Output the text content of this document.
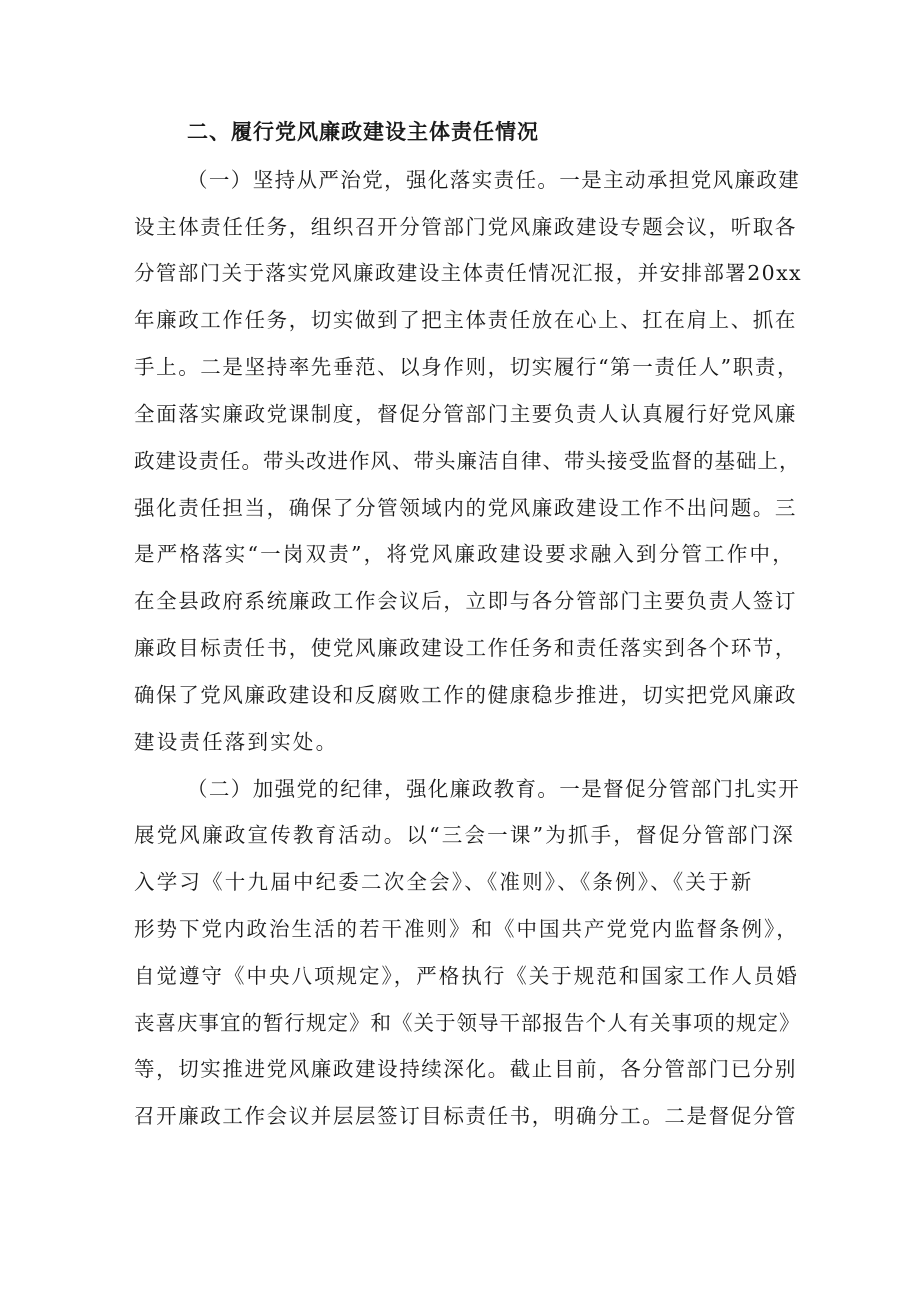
二、履行党风廉政建设主体责任情况
（一）坚持从严治党，强化落实责任。一是主动承担党风廉政建
设主体责任任务，组织召开分管部门党风廉政建设专题会议，听取各
分管部门关于落实党风廉政建设主体责任情况汇报，并安排部署20xx
年廉政工作任务，切实做到了把主体责任放在心上、扛在肩上、抓在
手上。二是坚持率先垂范、以身作则，切实履行“第一责任人”职责，
全面落实廉政党课制度，督促分管部门主要负责人认真履行好党风廉
政建设责任。带头改进作风、带头廉洁自律、带头接受监督的基础上，
强化责任担当，确保了分管领域内的党风廉政建设工作不出问题。三
是严格落实“一岗双责”，将党风廉政建设要求融入到分管工作中，
在全县政府系统廉政工作会议后，立即与各分管部门主要负责人签订
廉政目标责任书，使党风廉政建设工作任务和责任落实到各个环节，
确保了党风廉政建设和反腐败工作的健康稳步推进，切实把党风廉政
建设责任落到实处。
（二）加强党的纪律，强化廉政教育。一是督促分管部门扎实开
展党风廉政宣传教育活动。以“三会一课”为抓手，督促分管部门深
入学习《十九届中纪委二次全会》、《准则》、《条例》、《关于新
形势下党内政治生活的若干准则》和《中国共产党党内监督条例》，
自觉遵守《中央八项规定》，严格执行《关于规范和国家工作人员婚
丧喜庆事宜的暂行规定》和《关于领导干部报告个人有关事项的规定》
等，切实推进党风廉政建设持续深化。截止目前，各分管部门已分别
召开廉政工作会议并层层签订目标责任书，明确分工。二是督促分管
